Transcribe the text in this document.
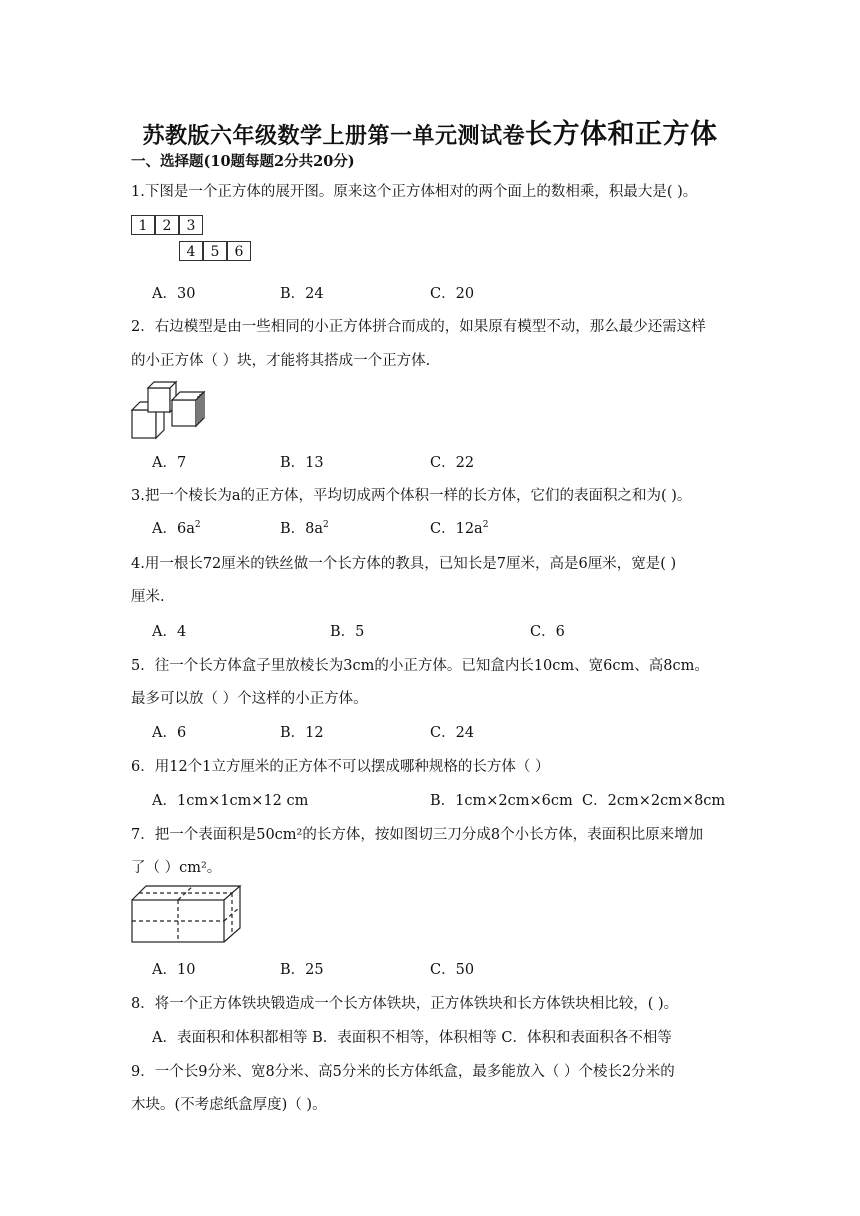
苏教版六年级数学上册第一单元测试卷长方体和正方体
一、选择题(10题每题2分共20分)
1.下图是一个正方体的展开图。原来这个正方体相对的两个面上的数相乘，积最大是( )。
1	2	3
4	5	6
A．30	B．24	C．20
2．右边模型是由一些相同的小正方体拼合而成的，如果原有模型不动，那么最少还需这样
的小正方体（ ）块，才能将其搭成一个正方体.
A．7	B．13	C．22
3.把一个棱长为a的正方体，平均切成两个体积一样的长方体，它们的表面积之和为( )。
A．$6a^2$	B．$8a^2$	C．$12a^2$
4.用一根长72厘米的铁丝做一个长方体的教具，已知长是7厘米，高是6厘米，宽是( )
厘米.
A．4	B．5	C．6
5．往一个长方体盒子里放棱长为3cm的小正方体。已知盒内长10cm、宽6cm、高8cm。
最多可以放（ ）个这样的小正方体。
A．6	B．12	C．24
6．用12个1立方厘米的正方体不可以摆成哪种规格的长方体（ ）
A．1cm×1cm×12 cm	B．1cm×2cm×6cm C．2cm×2cm×8cm
7．把一个表面积是50cm²的长方体，按如图切三刀分成8个小长方体，表面积比原来增加
了（ ）cm²。
A．10	B．25	C．50
8．将一个正方体铁块锻造成一个长方体铁块，正方体铁块和长方体铁块相比较，( )。
A．表面积和体积都相等 B．表面积不相等，体积相等 C．体积和表面积各不相等
9．一个长9分米、宽8分米、高5分米的长方体纸盒，最多能放入（ ）个棱长2分米的
木块。(不考虑纸盒厚度)（ )。
